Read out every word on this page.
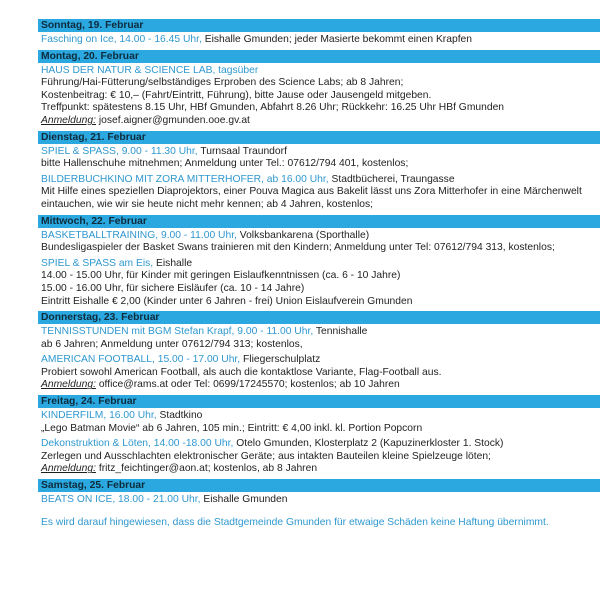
Sonntag, 19. Februar
Fasching on Ice, 14.00 - 16.45 Uhr, Eishalle Gmunden; jeder Masierte bekommt einen Krapfen
Montag, 20. Februar
HAUS DER NATUR & SCIENCE LAB, tagsüber
Führung/Hai-Fütterung/selbständiges Erproben des Science Labs; ab 8 Jahren;
Kostenbeitrag: € 10,– (Fahrt/Eintritt, Führung), bitte Jause oder Jausengeld mitgeben.
Treffpunkt: spätestens 8.15 Uhr, HBf Gmunden, Abfahrt 8.26 Uhr; Rückkehr: 16.25 Uhr HBf Gmunden
Anmeldung: josef.aigner@gmunden.ooe.gv.at
Dienstag, 21. Februar
SPIEL & SPASS, 9.00 - 11.30 Uhr, Turnsaal Traundorf
bitte Hallenschuhe mitnehmen; Anmeldung unter Tel.: 07612/794 401, kostenlos;
BILDERBUCHKINO MIT ZORA MITTERHOFER, ab 16.00 Uhr, Stadtbücherei, Traungasse
Mit Hilfe eines speziellen Diaprojektors, einer Pouva Magica aus Bakelit lässt uns Zora Mitterhofer in eine Märchenwelt eintauchen, wie wir sie heute nicht mehr kennen; ab 4 Jahren, kostenlos;
Mittwoch, 22. Februar
BASKETBALLTRAINING, 9.00 - 11.00 Uhr, Volksbankarena (Sporthalle)
Bundesligaspieler der Basket Swans trainieren mit den Kindern; Anmeldung unter Tel: 07612/794 313, kostenlos;
SPIEL & SPASS am Eis, Eishalle
14.00 - 15.00 Uhr, für Kinder mit geringen Eislaufkenntnissen (ca. 6 - 10 Jahre)
15.00 - 16.00 Uhr, für sichere Eisläufer (ca. 10 - 14 Jahre)
Eintritt Eishalle € 2,00 (Kinder unter 6 Jahren - frei) Union Eislaufverein Gmunden
Donnerstag, 23. Februar
TENNISSTUNDEN mit BGM Stefan Krapf, 9.00 - 11.00 Uhr, Tennishalle
ab 6 Jahren; Anmeldung unter 07612/794 313; kostenlos,
AMERICAN FOOTBALL, 15.00 - 17.00 Uhr, Fliegerschulplatz
Probiert sowohl American Football, als auch die kontaktlose Variante, Flag-Football aus.
Anmeldung: office@rams.at oder Tel: 0699/17245570; kostenlos; ab 10 Jahren
Freitag, 24. Februar
KINDERFILM, 16.00 Uhr, Stadtkino
„Lego Batman Movie“ ab 6 Jahren, 105 min.; Eintritt: € 4,00 inkl. kl. Portion Popcorn
Dekonstruktion & Löten, 14.00 -18.00 Uhr, Otelo Gmunden, Klosterplatz 2 (Kapuzinerkloster 1. Stock)
Zerlegen und Ausschlachten elektronischer Geräte; aus intakten Bauteilen kleine Spielzeuge löten;
Anmeldung: fritz_feichtinger@aon.at; kostenlos, ab 8 Jahren
Samstag, 25. Februar
BEATS ON ICE, 18.00 - 21.00 Uhr, Eishalle Gmunden
Es wird darauf hingewiesen, dass die Stadtgemeinde Gmunden für etwaige Schäden keine Haftung übernimmt.
